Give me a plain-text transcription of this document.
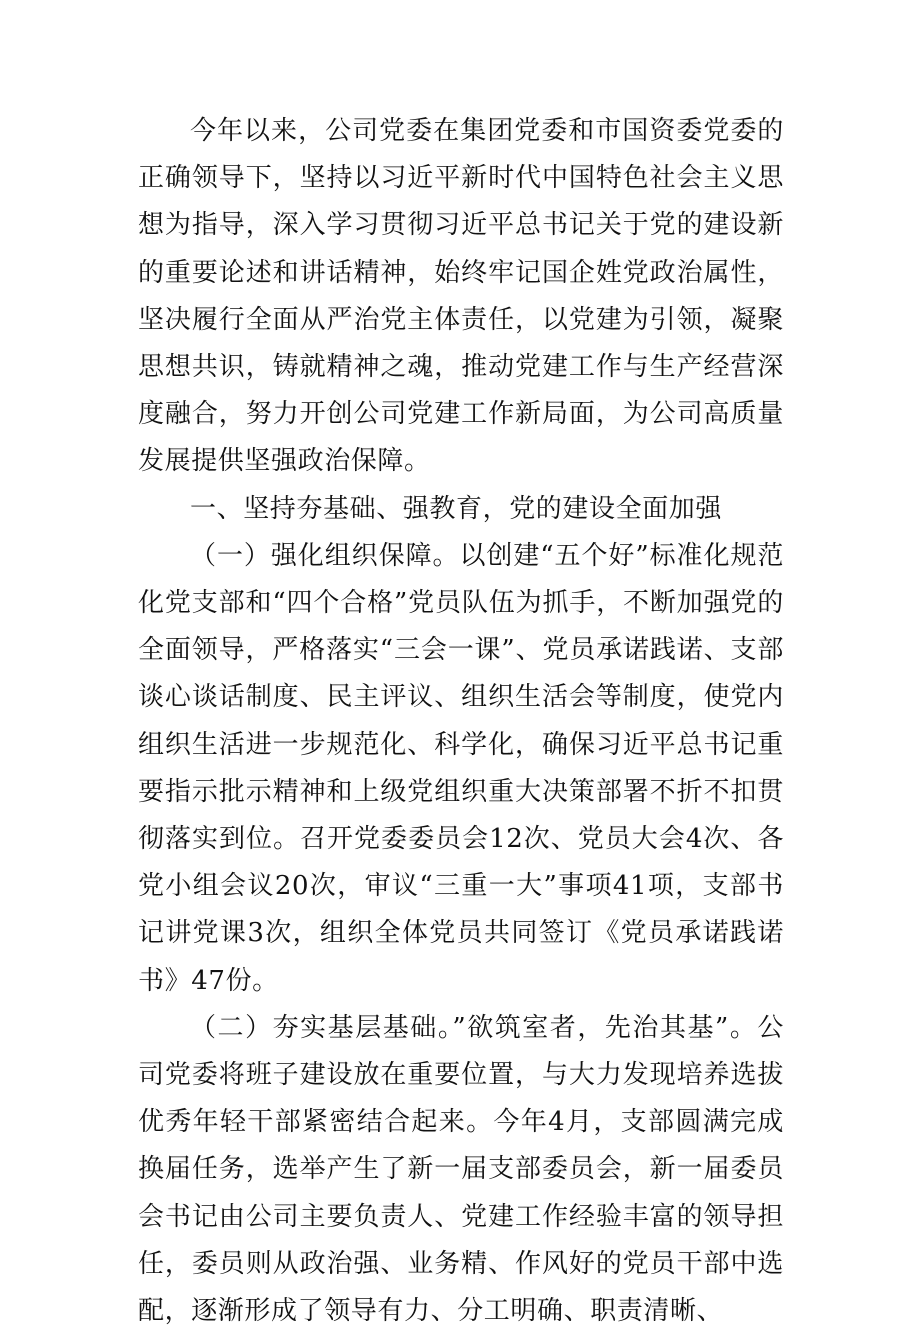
今年以来，公司党委在集团党委和市国资委党委的正确领导下，坚持以习近平新时代中国特色社会主义思想为指导，深入学习贯彻习近平总书记关于党的建设新的重要论述和讲话精神，始终牢记国企姓党政治属性，坚决履行全面从严治党主体责任，以党建为引领，凝聚思想共识，铸就精神之魂，推动党建工作与生产经营深度融合，努力开创公司党建工作新局面，为公司高质量发展提供坚强政治保障。

一、坚持夯基础、强教育，党的建设全面加强

（一）强化组织保障。以创建“五个好”标准化规范化党支部和“四个合格”党员队伍为抓手，不断加强党的全面领导，严格落实“三会一课”、党员承诺践诺、支部谈心谈话制度、民主评议、组织生活会等制度，使党内组织生活进一步规范化、科学化，确保习近平总书记重要指示批示精神和上级党组织重大决策部署不折不扣贯彻落实到位。召开党委委员会12次、党员大会4次、各党小组会议20次，审议“三重一大”事项41项，支部书记讲党课3次，组织全体党员共同签订《党员承诺践诺书》47份。

（二）夯实基层基础。”欲筑室者，先治其基”。公司党委将班子建设放在重要位置，与大力发现培养选拔优秀年轻干部紧密结合起来。今年4月，支部圆满完成换届任务，选举产生了新一届支部委员会，新一届委员会书记由公司主要负责人、党建工作经验丰富的领导担任，委员则从政治强、业务精、作风好的党员干部中选配，逐渐形成了领导有力、分工明确、职责清晰、
